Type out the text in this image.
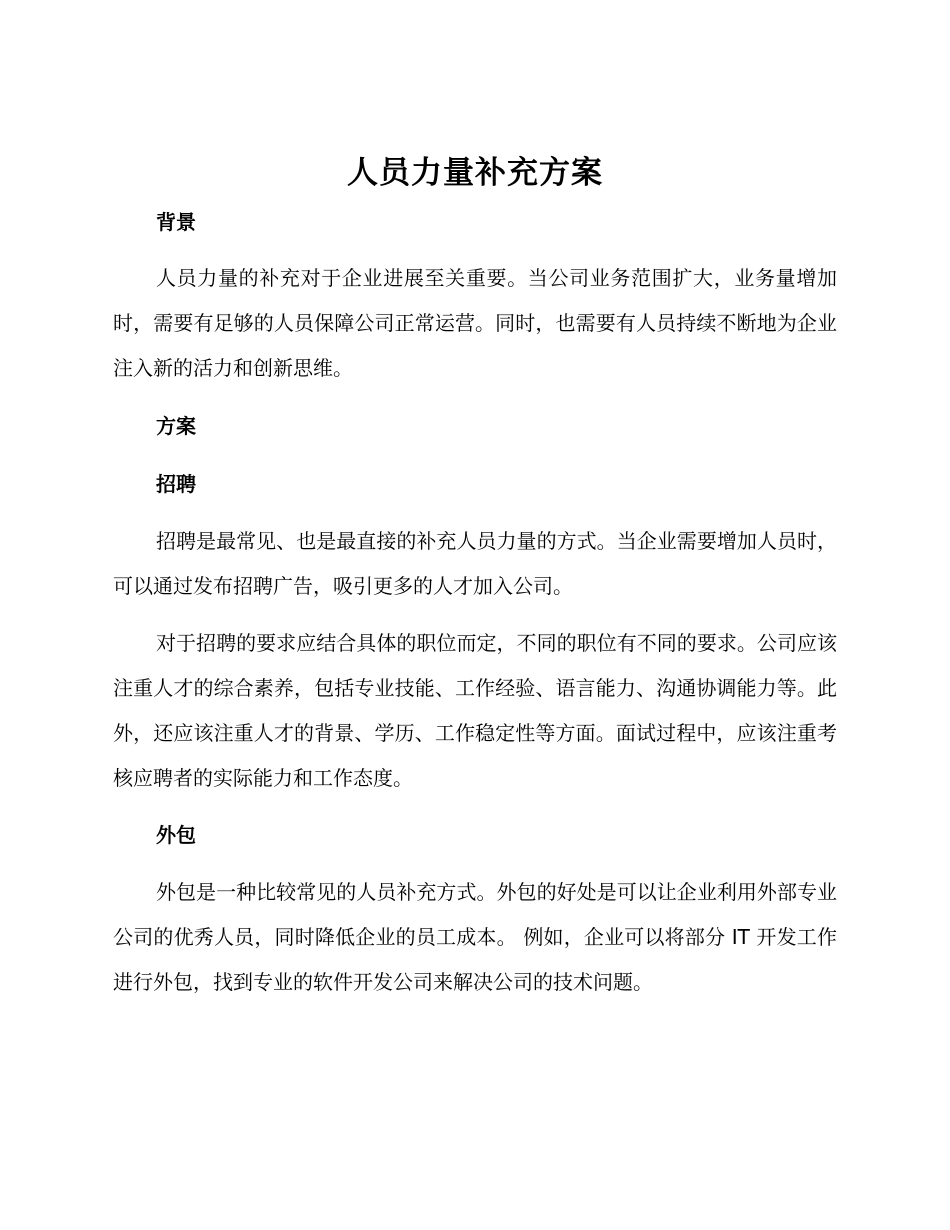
人员力量补充方案
背景

人员力量的补充对于企业进展至关重要。当公司业务范围扩大，业务量增加时，需要有足够的人员保障公司正常运营。同时，也需要有人员持续不断地为企业注入新的活力和创新思维。

方案
招聘

招聘是最常见、也是最直接的补充人员力量的方式。当企业需要增加人员时，可以通过发布招聘广告，吸引更多的人才加入公司。

对于招聘的要求应结合具体的职位而定，不同的职位有不同的要求。公司应该注重人才的综合素养，包括专业技能、工作经验、语言能力、沟通协调能力等。此外，还应该注重人才的背景、学历、工作稳定性等方面。面试过程中，应该注重考核应聘者的实际能力和工作态度。

外包

外包是一种比较常见的人员补充方式。外包的好处是可以让企业利用外部专业公司的优秀人员，同时降低企业的员工成本。 例如，企业可以将部分 IT 开发工作进行外包，找到专业的软件开发公司来解决公司的技术问题。
